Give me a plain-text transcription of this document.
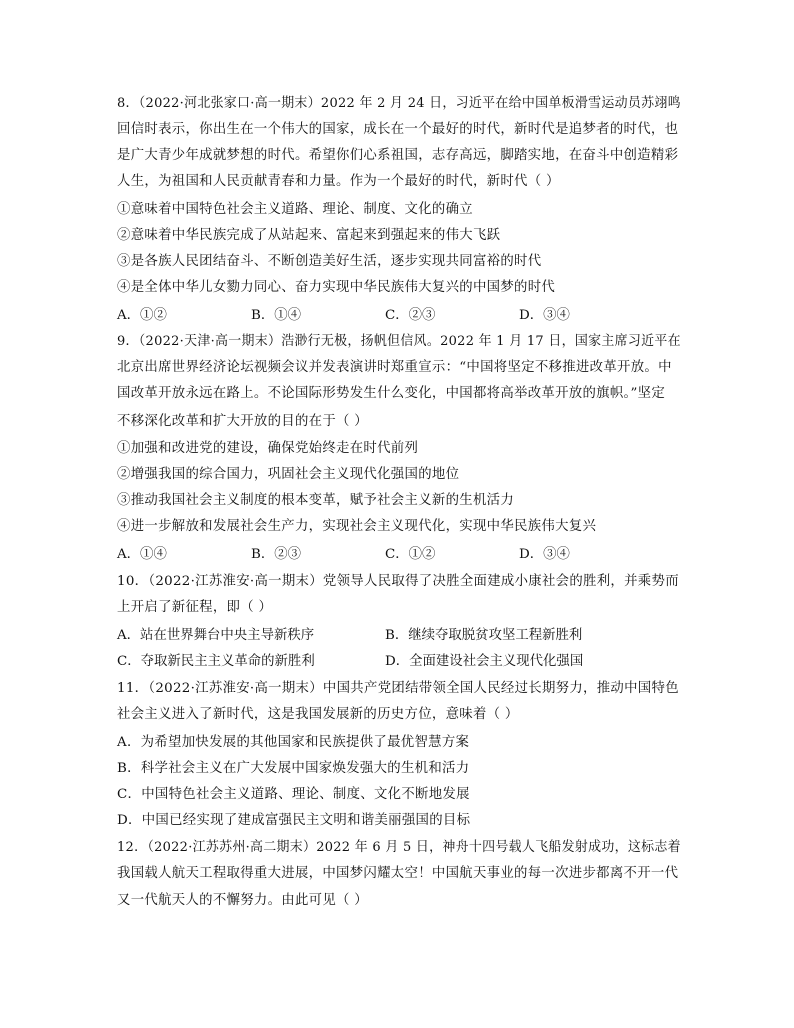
8．（2022·河北张家口·高一期末）2022 年 2 月 24 日，习近平在给中国单板滑雪运动员苏翊鸣
回信时表示，你出生在一个伟大的国家，成长在一个最好的时代，新时代是追梦者的时代，也
是广大青少年成就梦想的时代。希望你们心系祖国，志存高远，脚踏实地，在奋斗中创造精彩
人生，为祖国和人民贡献青春和力量。作为一个最好的时代，新时代（ ）
①意味着中国特色社会主义道路、理论、制度、文化的确立
②意味着中华民族完成了从站起来、富起来到强起来的伟大飞跃
③是各族人民团结奋斗、不断创造美好生活，逐步实现共同富裕的时代
④是全体中华儿女勠力同心、奋力实现中华民族伟大复兴的中国梦的时代
A．①②	B．①④	C．②③	D．③④
9．（2022·天津·高一期末）浩渺行无极，扬帆但信风。2022 年 1 月 17 日，国家主席习近平在
北京出席世界经济论坛视频会议并发表演讲时郑重宣示：“中国将坚定不移推进改革开放。中
国改革开放永远在路上。不论国际形势发生什么变化，中国都将高举改革开放的旗帜。”坚定
不移深化改革和扩大开放的目的在于（ ）
①加强和改进党的建设，确保党始终走在时代前列
②增强我国的综合国力，巩固社会主义现代化强国的地位
③推动我国社会主义制度的根本变革，赋予社会主义新的生机活力
④进一步解放和发展社会生产力，实现社会主义现代化，实现中华民族伟大复兴
A．①④	B．②③	C．①②	D．③④
10．（2022·江苏淮安·高一期末）党领导人民取得了决胜全面建成小康社会的胜利，并乘势而
上开启了新征程，即（ ）
A．站在世界舞台中央主导新秩序	B．继续夺取脱贫攻坚工程新胜利
C．夺取新民主主义革命的新胜利	D．全面建设社会主义现代化强国
11．（2022·江苏淮安·高一期末）中国共产党团结带领全国人民经过长期努力，推动中国特色
社会主义进入了新时代，这是我国发展新的历史方位，意味着（ ）
A．为希望加快发展的其他国家和民族提供了最优智慧方案
B．科学社会主义在广大发展中国家焕发强大的生机和活力
C．中国特色社会主义道路、理论、制度、文化不断地发展
D．中国已经实现了建成富强民主文明和谐美丽强国的目标
12．（2022·江苏苏州·高二期末）2022 年 6 月 5 日，神舟十四号载人飞船发射成功，这标志着
我国载人航天工程取得重大进展，中国梦闪耀太空！中国航天事业的每一次进步都离不开一代
又一代航天人的不懈努力。由此可见（ ）
